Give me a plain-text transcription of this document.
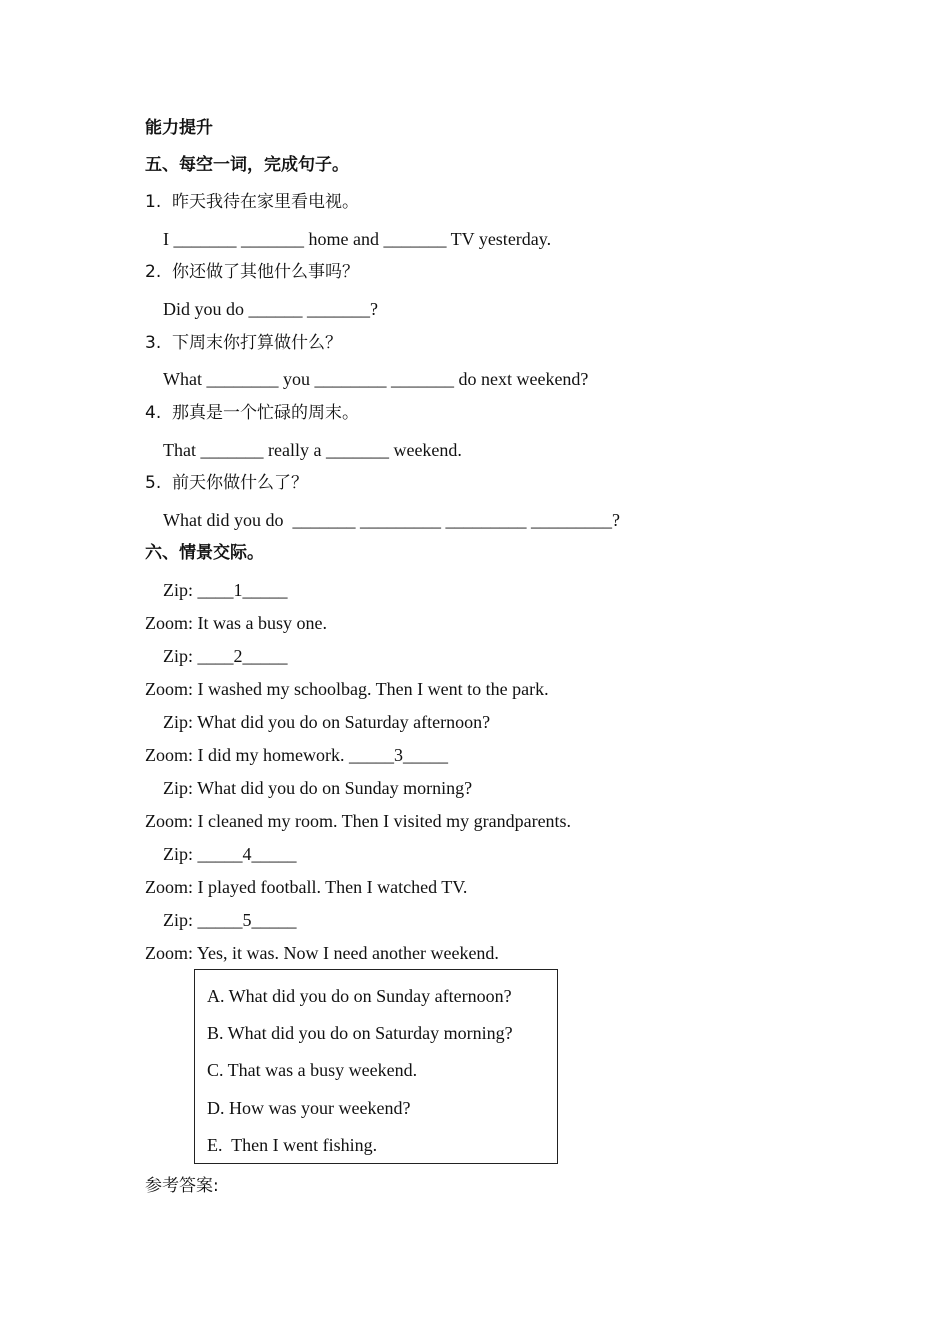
能力提升
五、每空一词，完成句子。
1.  昨天我待在家里看电视。
I _______ _______ home and _______ TV yesterday.
2.  你还做了其他什么事吗？
Did you do ______ _______?
3.  下周末你打算做什么？
What ________ you ________ _______ do next weekend?
4.  那真是一个忙碌的周末。
That _______ really a _______ weekend.
5.  前天你做什么了？
What did you do  _______ _________ _________ _________?
六、情景交际。
Zip: ____1_____
Zoom: It was a busy one.
Zip: ____2_____
Zoom: I washed my schoolbag. Then I went to the park.
Zip: What did you do on Saturday afternoon?
Zoom: I did my homework. _____3_____
Zip: What did you do on Sunday morning?
Zoom: I cleaned my room. Then I visited my grandparents.
Zip: _____4_____
Zoom: I played football. Then I watched TV.
Zip: _____5_____
Zoom: Yes, it was. Now I need another weekend.
A. What did you do on Sunday afternoon?
B. What did you do on Saturday morning?
C. That was a busy weekend.
D. How was your weekend?
E.  Then I went fishing.
参考答案:
